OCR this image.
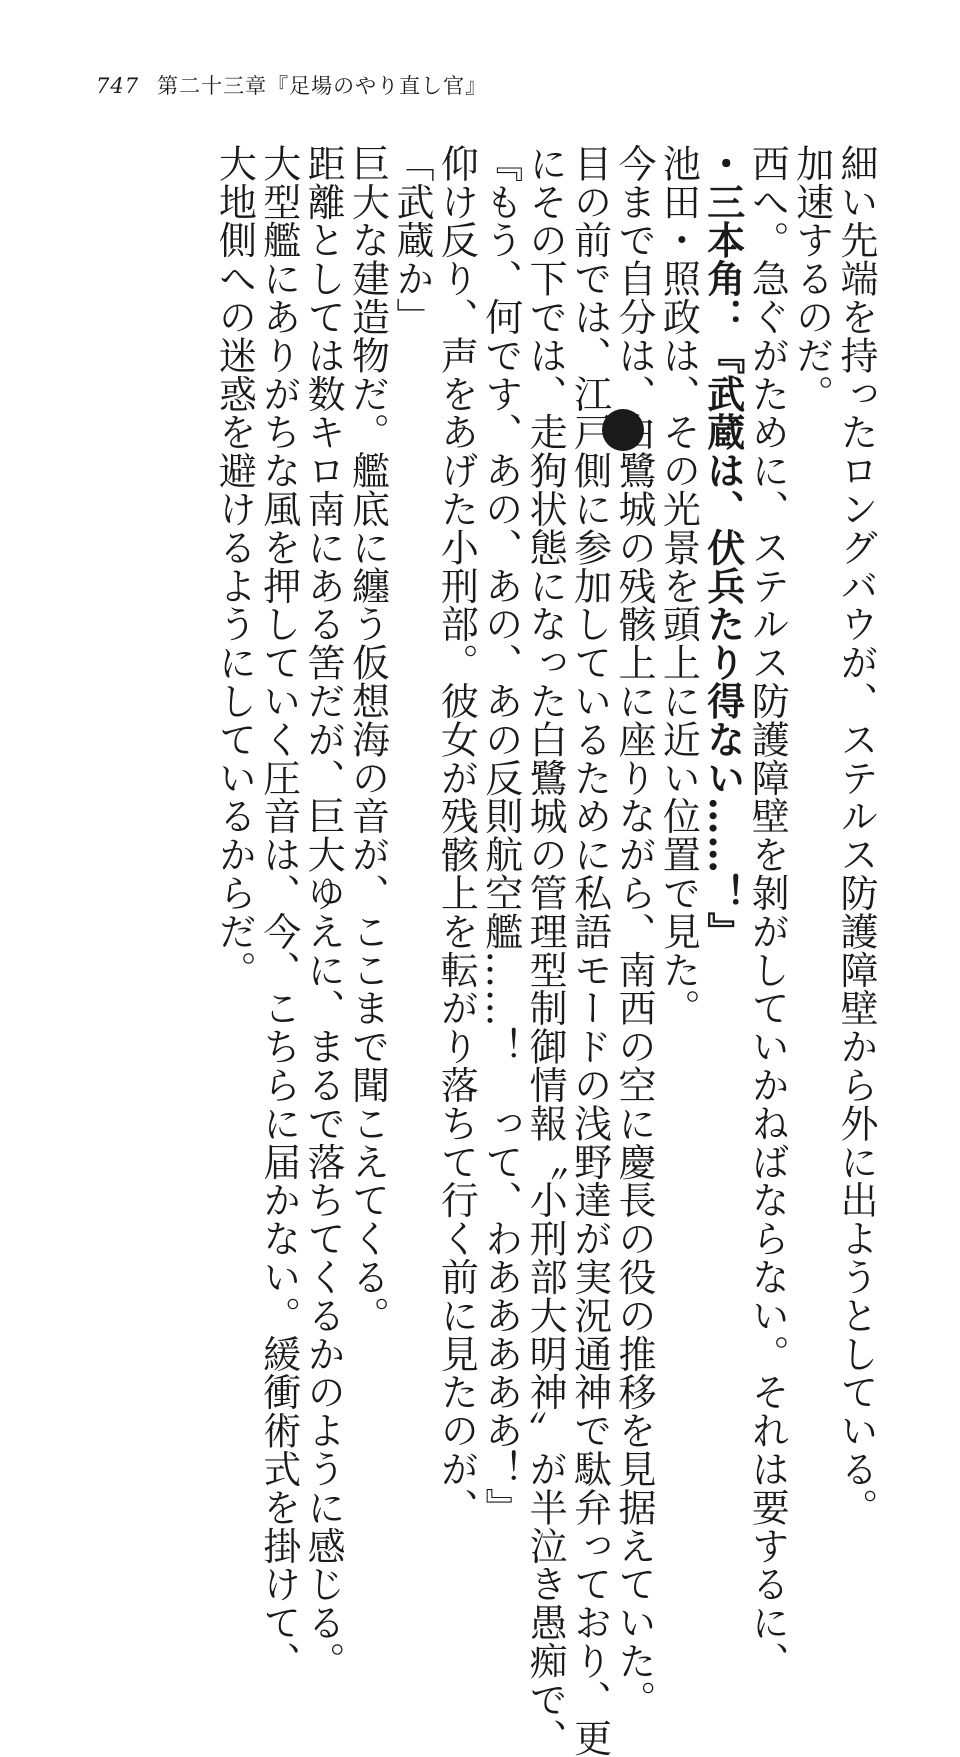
747 第二十三章『足場のやり直し官』
細い先端を持ったロングバウが、ステルス防護障壁から外に出ようとしている。
加速するのだ。
西へ。急ぐがために、ステルス防護障壁を剝がしていかねばならない。それは要するに、
・三本角：『武蔵は、伏兵たり得ない……！』
池田・照政は、その光景を頭上に近い位置で見た。
今まで自分は、白鷺城の残骸上に座りながら、南西の空に慶長の役の推移を見据えていた。
目の前では、江戸側に参加しているために私語モードの浅野達が実況通神で駄弁っており、更
にその下では、走狗状態になった白鷺城の管理型制御情報〝小刑部大明神〟が半泣き愚痴で、
『もう、何です、あの、あの、あの反則航空艦……！　って、わあああああ！』
仰け反り、声をあげた小刑部。彼女が残骸上を転がり落ちて行く前に見たのが、
「武蔵か」
巨大な建造物だ。艦底に纏う仮想海の音が、ここまで聞こえてくる。
距離としては数キロ南にある筈だが、巨大ゆえに、まるで落ちてくるかのように感じる。
大型艦にありがちな風を押していく圧音は、今、こちらに届かない。緩衝術式を掛けて、
大地側への迷惑を避けるようにしているからだ。
